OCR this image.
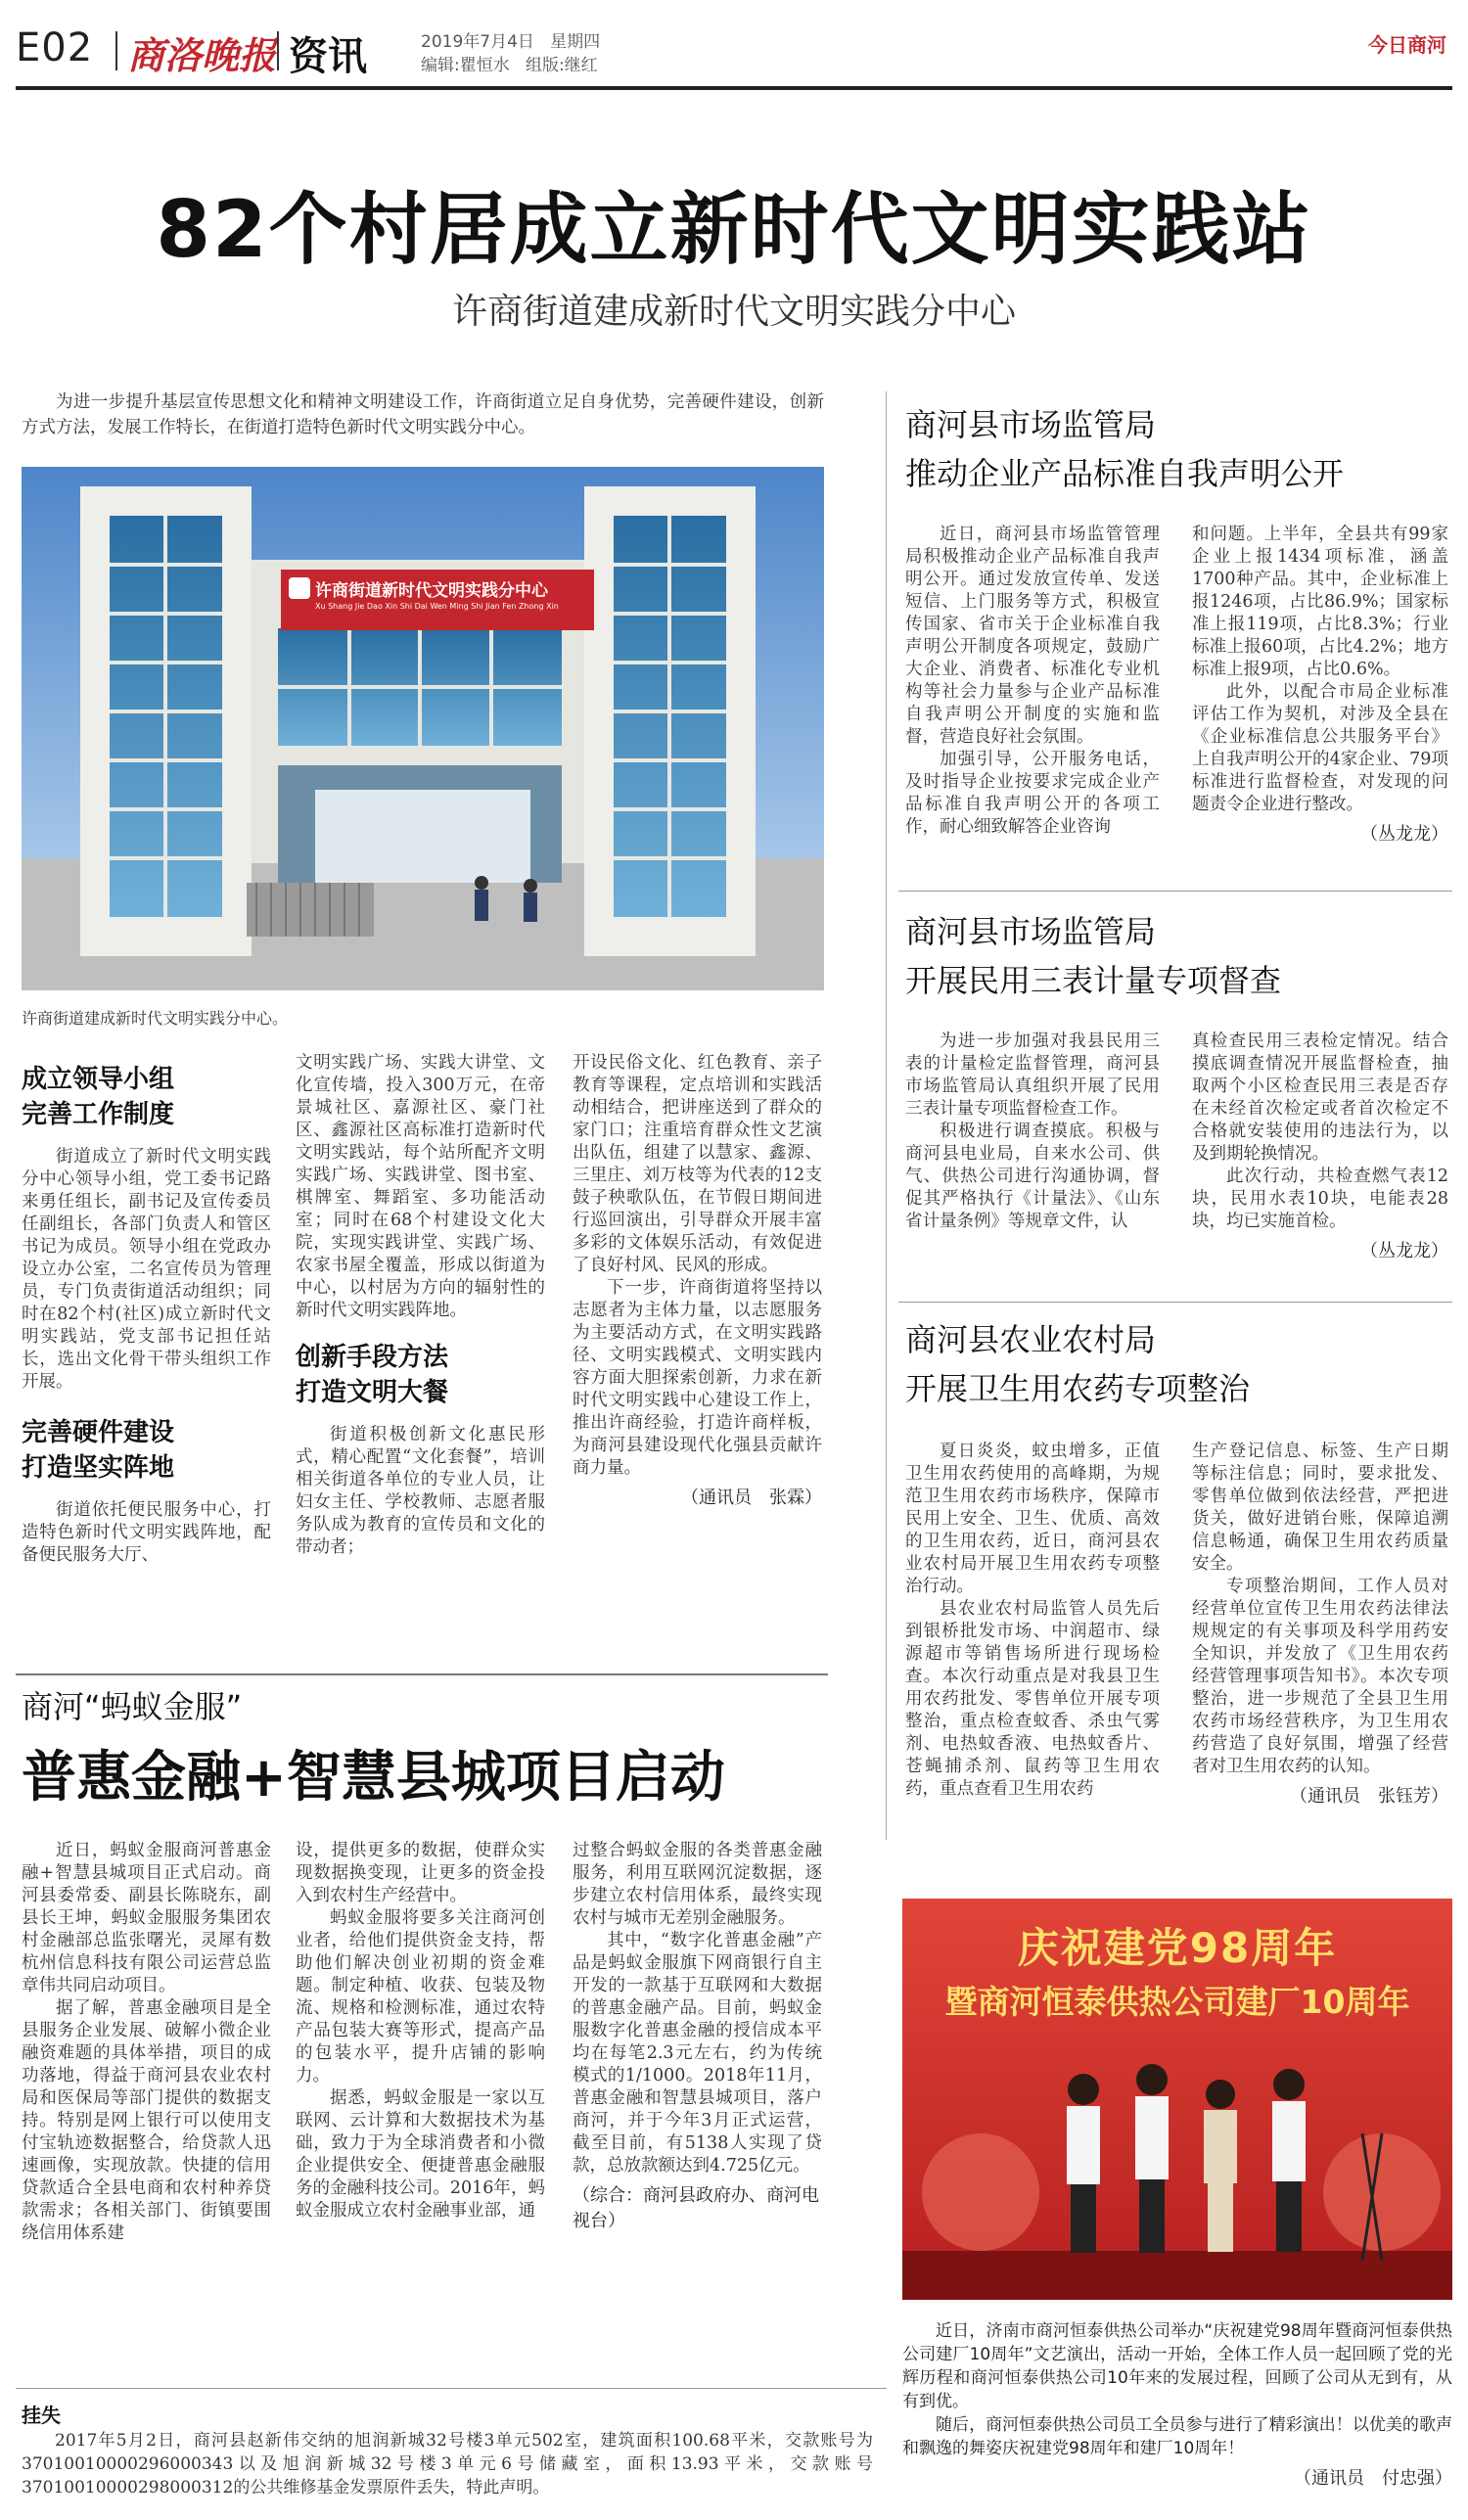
E02 商洛晚报 资讯	2019年7月4日 星期四
编辑:瞿恒水 组版:继红
今日商河
82个村居成立新时代文明实践站
许商街道建成新时代文明实践分中心

为进一步提升基层宣传思想文化和精神文明建设工作，许商街道立足自身优势，完善硬件建设，创新方式方法，发展工作特长，在街道打造特色新时代文明实践分中心。

许商街道新时代文明实践分中心
Xu Shang Jie Dao Xin Shi Dai Wen Ming Shi Jian Fen Zhong Xin
许商街道建成新时代文明实践分中心。
成立领导小组
完善工作制度

街道成立了新时代文明实践分中心领导小组，党工委书记路来勇任组长，副书记及宣传委员任副组长，各部门负责人和管区书记为成员。领导小组在党政办设立办公室，二名宣传员为管理员，专门负责街道活动组织；同时在82个村(社区)成立新时代文明实践站，党支部书记担任站长，选出文化骨干带头组织工作开展。

完善硬件建设
打造坚实阵地

街道依托便民服务中心，打造特色新时代文明实践阵地，配备便民服务大厅、

文明实践广场、实践大讲堂、文化宣传墙，投入300万元，在帝景城社区、嘉源社区、豪门社区、鑫源社区高标准打造新时代文明实践站，每个站所配齐文明实践广场、实践讲堂、图书室、棋牌室、舞蹈室、多功能活动室；同时在68个村建设文化大院，实现实践讲堂、实践广场、农家书屋全覆盖，形成以街道为中心，以村居为方向的辐射性的新时代文明实践阵地。

创新手段方法
打造文明大餐

街道积极创新文化惠民形式，精心配置“文化套餐”，培训相关街道各单位的专业人员，让妇女主任、学校教师、志愿者服务队成为教育的宣传员和文化的带动者；

开设民俗文化、红色教育、亲子教育等课程，定点培训和实践活动相结合，把讲座送到了群众的家门口；注重培育群众性文艺演出队伍，组建了以慧家、鑫源、三里庄、刘万枝等为代表的12支鼓子秧歌队伍，在节假日期间进行巡回演出，引导群众开展丰富多彩的文体娱乐活动，有效促进了良好村风、民风的形成。

下一步，许商街道将坚持以志愿者为主体力量，以志愿服务为主要活动方式，在文明实践路径、文明实践模式、文明实践内容方面大胆探索创新，力求在新时代文明实践中心建设工作上，推出许商经验，打造许商样板，为商河县建设现代化强县贡献许商力量。

（通讯员　张霖）
商河县市场监管局
推动企业产品标准自我声明公开

近日，商河县市场监管管理局积极推动企业产品标准自我声明公开。通过发放宣传单、发送短信、上门服务等方式，积极宣传国家、省市关于企业标准自我声明公开制度各项规定，鼓励广大企业、消费者、标准化专业机构等社会力量参与企业产品标准自我声明公开制度的实施和监督，营造良好社会氛围。

加强引导，公开服务电话，及时指导企业按要求完成企业产品标准自我声明公开的各项工作，耐心细致解答企业咨询

和问题。上半年，全县共有99家企业上报1434项标准，涵盖1700种产品。其中，企业标准上报1246项，占比86.9%；国家标准上报119项，占比8.3%；行业标准上报60项，占比4.2%；地方标准上报9项，占比0.6%。

此外，以配合市局企业标准评估工作为契机，对涉及全县在《企业标准信息公共服务平台》上自我声明公开的4家企业、79项标准进行监督检查，对发现的问题责令企业进行整改。

（丛龙龙）
商河县市场监管局
开展民用三表计量专项督查

为进一步加强对我县民用三表的计量检定监督管理，商河县市场监管局认真组织开展了民用三表计量专项监督检查工作。

积极进行调查摸底。积极与商河县电业局，自来水公司、供气、供热公司进行沟通协调，督促其严格执行《计量法》、《山东省计量条例》等规章文件，认

真检查民用三表检定情况。结合摸底调查情况开展监督检查，抽取两个小区检查民用三表是否存在未经首次检定或者首次检定不合格就安装使用的违法行为，以及到期轮换情况。

此次行动，共检查燃气表12块，民用水表10块，电能表28块，均已实施首检。

（丛龙龙）
商河县农业农村局
开展卫生用农药专项整治

夏日炎炎，蚊虫增多，正值卫生用农药使用的高峰期，为规范卫生用农药市场秩序，保障市民用上安全、卫生、优质、高效的卫生用农药，近日，商河县农业农村局开展卫生用农药专项整治行动。

县农业农村局监管人员先后到银桥批发市场、中润超市、绿源超市等销售场所进行现场检查。本次行动重点是对我县卫生用农药批发、零售单位开展专项整治，重点检查蚊香、杀虫气雾剂、电热蚊香液、电热蚊香片、苍蝇捕杀剂、鼠药等卫生用农药，重点查看卫生用农药

生产登记信息、标签、生产日期等标注信息；同时，要求批发、零售单位做到依法经营，严把进货关，做好进销台账，保障追溯信息畅通，确保卫生用农药质量安全。

专项整治期间，工作人员对经营单位宣传卫生用农药法律法规规定的有关事项及科学用药安全知识，并发放了《卫生用农药经营管理事项告知书》。本次专项整治，进一步规范了全县卫生用农药市场经营秩序，为卫生用农药营造了良好氛围，增强了经营者对卫生用农药的认知。

（通讯员　张钰芳）
商河“蚂蚁金服”
普惠金融+智慧县城项目启动

近日，蚂蚁金服商河普惠金融+智慧县城项目正式启动。商河县委常委、副县长陈晓东，副县长王坤，蚂蚁金服服务集团农村金融部总监张曙光，灵犀有数杭州信息科技有限公司运营总监章伟共同启动项目。

据了解，普惠金融项目是全县服务企业发展、破解小微企业融资难题的具体举措，项目的成功落地，得益于商河县农业农村局和医保局等部门提供的数据支持。特别是网上银行可以使用支付宝轨迹数据整合，给贷款人迅速画像，实现放款。快捷的信用贷款适合全县电商和农村种养贷款需求；各相关部门、街镇要围绕信用体系建

设，提供更多的数据，使群众实现数据换变现，让更多的资金投入到农村生产经营中。

蚂蚁金服将要多关注商河创业者，给他们提供资金支持，帮助他们解决创业初期的资金难题。制定种植、收获、包装及物流、规格和检测标准，通过农特产品包装大赛等形式，提高产品的包装水平，提升店铺的影响力。

据悉，蚂蚁金服是一家以互联网、云计算和大数据技术为基础，致力于为全球消费者和小微企业提供安全、便捷普惠金融服务的金融科技公司。2016年，蚂蚁金服成立农村金融事业部，通

过整合蚂蚁金服的各类普惠金融服务，利用互联网沉淀数据，逐步建立农村信用体系，最终实现农村与城市无差别金融服务。

其中，“数字化普惠金融”产品是蚂蚁金服旗下网商银行自主开发的一款基于互联网和大数据的普惠金融产品。目前，蚂蚁金服数字化普惠金融的授信成本平均在每笔2.3元左右，约为传统模式的1/1000。2018年11月，普惠金融和智慧县城项目，落户商河，并于今年3月正式运营，截至目前，有5138人实现了贷款，总放款额达到4.725亿元。

（综合：商河县政府办、商河电视台）
庆祝建党98周年
暨商河恒泰供热公司建厂10周年

近日，济南市商河恒泰供热公司举办“庆祝建党98周年暨商河恒泰供热公司建厂10周年”文艺演出，活动一开始，全体工作人员一起回顾了党的光辉历程和商河恒泰供热公司10年来的发展过程，回顾了公司从无到有，从有到优。

随后，商河恒泰供热公司员工全员参与进行了精彩演出！以优美的歌声和飘逸的舞姿庆祝建党98周年和建厂10周年！

（通讯员　付忠强）
挂失

2017年5月2日，商河县赵新伟交纳的旭润新城32号楼3单元502室，建筑面积100.68平米，交款账号为37010010000296000343以及旭润新城32号楼3单元6号储藏室，面积13.93平米，交款账号37010010000298000312的公共维修基金发票原件丢失，特此声明。
